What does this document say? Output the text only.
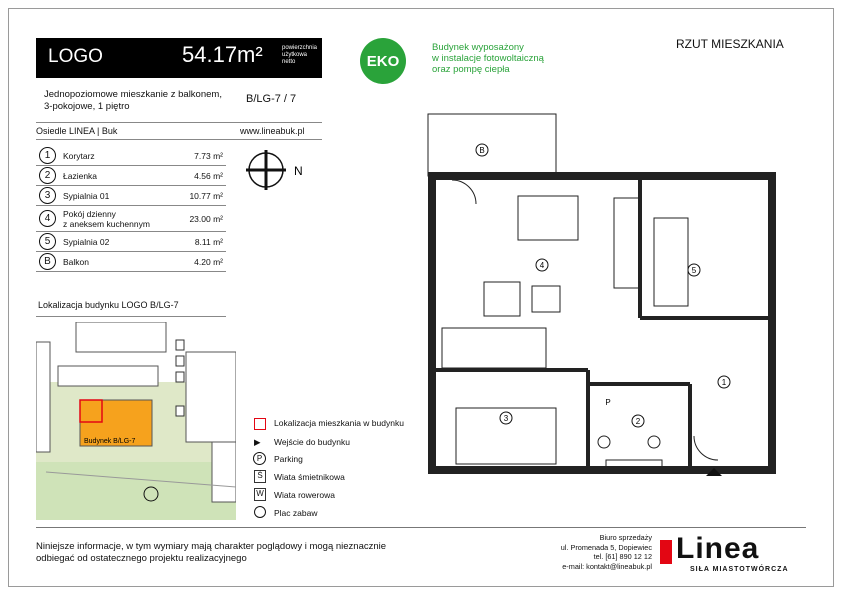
LOGO	54.17m²	powierzchnia użytkowa netto
Jednopoziomowe mieszkanie z balkonem,
3-pokojowe, 1 piętro
B/LG-7 / 7
Osiedle LINEA | Buk	www.lineabuk.pl
EKO
Budynek wyposażony
w instalacje fotowoltaiczną
oraz pompę ciepła
RZUT MIESZKANIA
1	Korytarz	7.73 m²
2	Łazienka	4.56 m²
3	Sypialnia 01	10.77 m²
4	Pokój dzienny
z aneksem kuchennym	23.00 m²
5	Sypialnia 02	8.11 m²
B	Balkon	4.20 m²
N
Lokalizacja budynku LOGO B/LG-7
Budynek B/LG-7
Lokalizacja mieszkania w budynku
▶ Wejście do budynku
P	Parking
Ś	Wiata śmietnikowa
W Wiata rowerowa
Plac zabaw
4
5
1
2
3
B
P
Niniejsze informacje, w tym wymiary mają charakter poglądowy i mogą nieznacznie
odbiegać od ostatecznego projektu realizacyjnego
Biuro sprzedaży
ul. Promenada 5, Dopiewiec
tel. [61] 890 12 12
e-mail: kontakt@lineabuk.pl
Linea
SIŁA MIASTOTWÓRCZA
